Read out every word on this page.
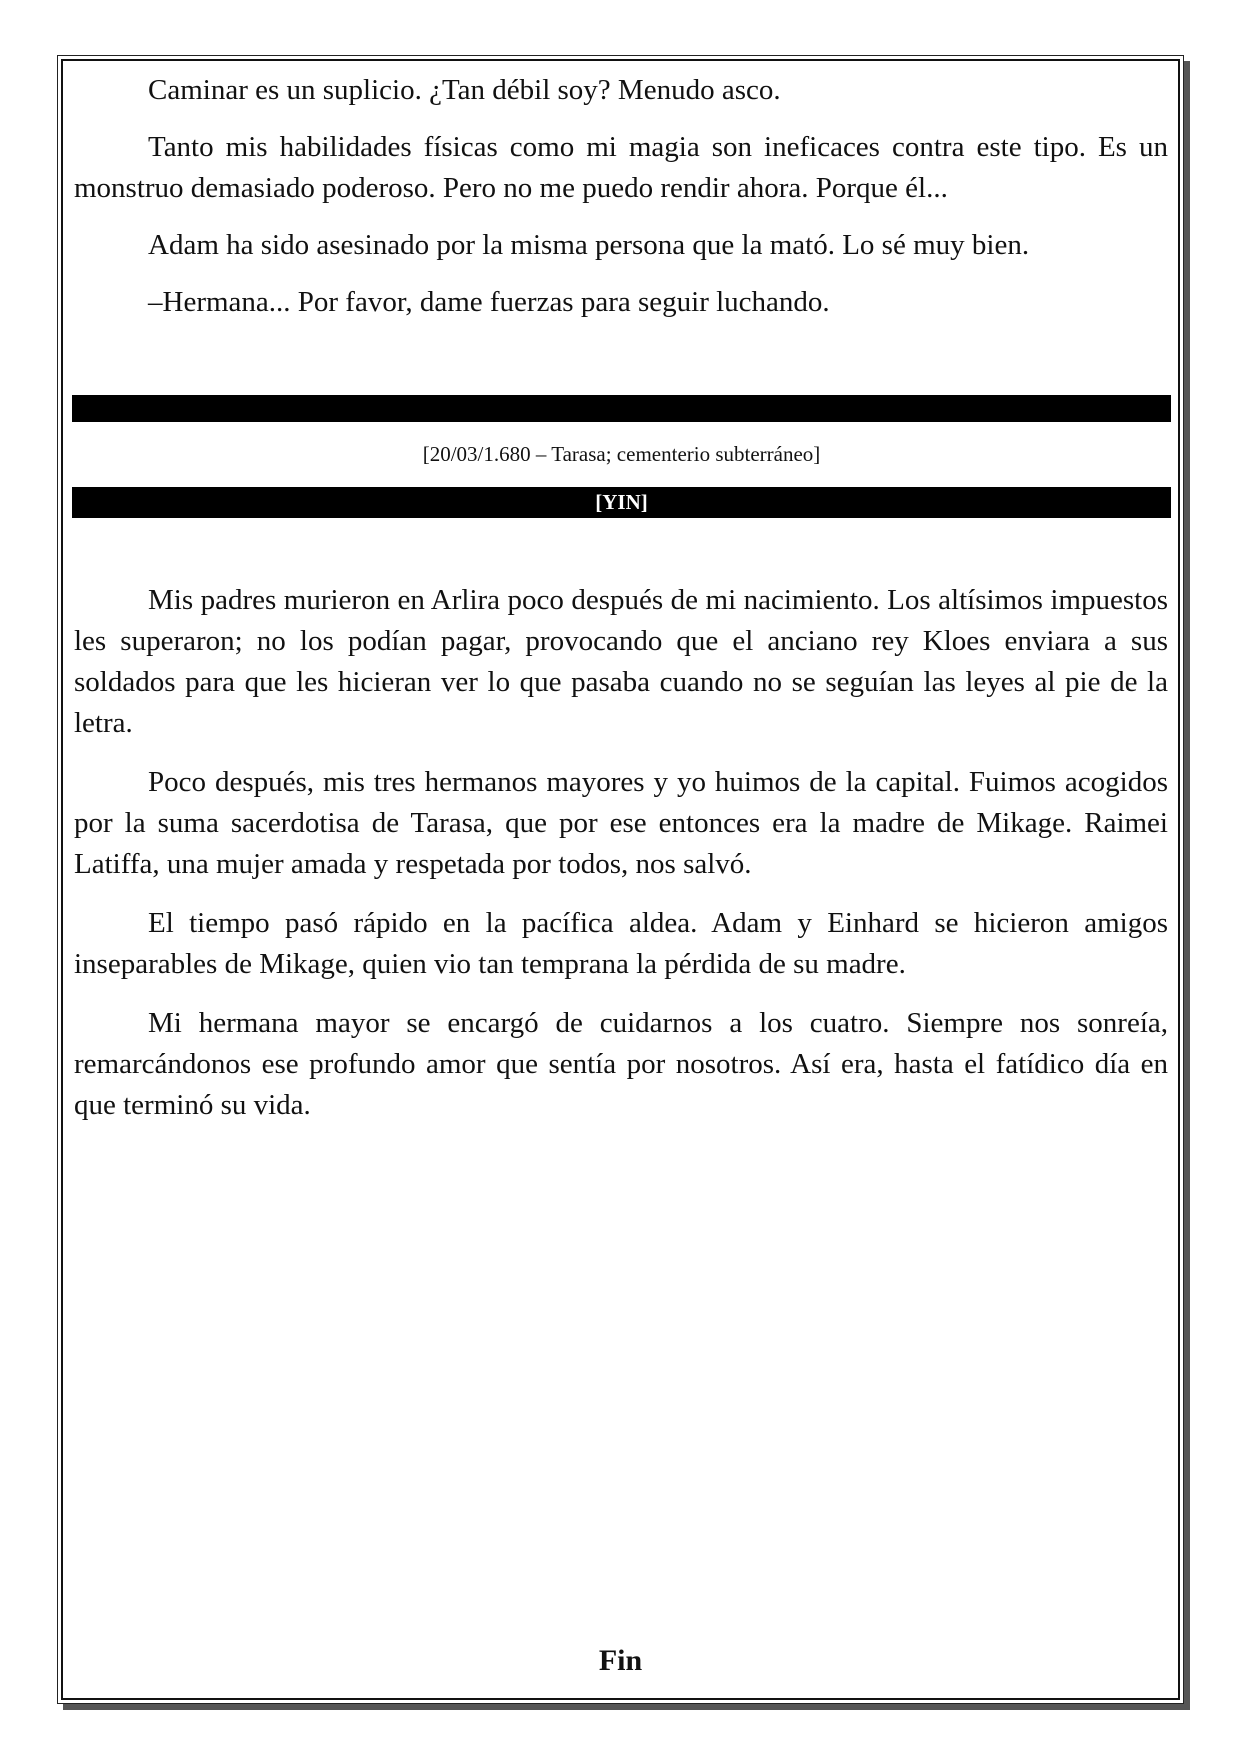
Caminar es un suplicio. ¿Tan débil soy? Menudo asco.

Tanto mis habilidades físicas como mi magia son ineficaces contra este tipo. Es un monstruo demasiado poderoso. Pero no me puedo rendir ahora. Porque él...

Adam ha sido asesinado por la misma persona que la mató. Lo sé muy bien.

–Hermana... Por favor, dame fuerzas para seguir luchando.

[20/03/1.680 – Tarasa; cementerio subterráneo]
[YIN]

Mis padres murieron en Arlira poco después de mi nacimiento. Los altísimos impuestos les superaron; no los podían pagar, provocando que el anciano rey Kloes enviara a sus soldados para que les hicieran ver lo que pasaba cuando no se seguían las leyes al pie de la letra.

Poco después, mis tres hermanos mayores y yo huimos de la capital. Fuimos acogidos por la suma sacerdotisa de Tarasa, que por ese entonces era la madre de Mikage. Raimei Latiffa, una mujer amada y respetada por todos, nos salvó.

El tiempo pasó rápido en la pacífica aldea. Adam y Einhard se hicieron amigos inseparables de Mikage, quien vio tan temprana la pérdida de su madre.

Mi hermana mayor se encargó de cuidarnos a los cuatro. Siempre nos sonreía, remarcándonos ese profundo amor que sentía por nosotros. Así era, hasta el fatídico día en que terminó su vida.

Fin
